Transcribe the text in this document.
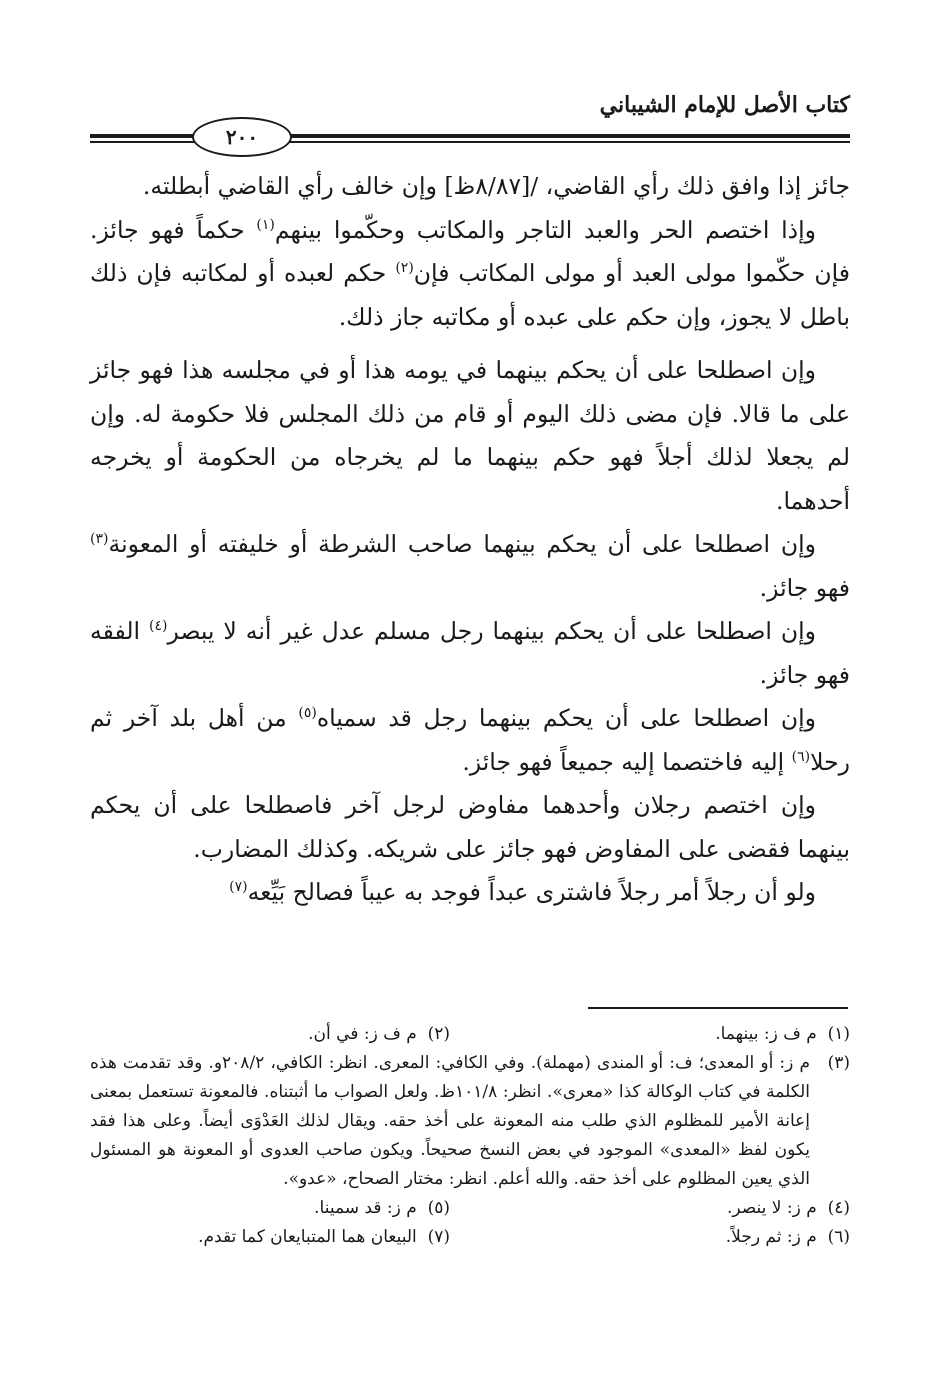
كتاب الأصل للإمام الشيباني
٢٠٠

جائز إذا وافق ذلك رأي القاضي، /[٨/٨٧ظ] وإن خالف رأي القاضي أبطلته.

وإذا اختصم الحر والعبد التاجر والمكاتب وحكّموا بينهم$^{(١)}$ حكماً فهو جائز. فإن حكّموا مولى العبد أو مولى المكاتب فإن$^{(٢)}$ حكم لعبده أو لمكاتبه فإن ذلك باطل لا يجوز، وإن حكم على عبده أو مكاتبه جاز ذلك.

وإن اصطلحا على أن يحكم بينهما في يومه هذا أو في مجلسه هذا فهو جائز على ما قالا. فإن مضى ذلك اليوم أو قام من ذلك المجلس فلا حكومة له. وإن لم يجعلا لذلك أجلاً فهو حكم بينهما ما لم يخرجاه من الحكومة أو يخرجه أحدهما.

وإن اصطلحا على أن يحكم بينهما صاحب الشرطة أو خليفته أو المعونة$^{(٣)}$ فهو جائز.

وإن اصطلحا على أن يحكم بينهما رجل مسلم عدل غير أنه لا يبصر$^{(٤)}$ الفقه فهو جائز.

وإن اصطلحا على أن يحكم بينهما رجل قد سمياه$^{(٥)}$ من أهل بلد آخر ثم رحلا$^{(٦)}$ إليه فاختصما إليه جميعاً فهو جائز.

وإن اختصم رجلان وأحدهما مفاوض لرجل آخر فاصطلحا على أن يحكم بينهما فقضى على المفاوض فهو جائز على شريكه. وكذلك المضارب.

ولو أن رجلاً أمر رجلاً فاشترى عبداً فوجد به عيباً فصالح بَيِّعه$^{(٧)}$

(١)  م ف ز: بينهما.
(٢)  م ف ز: في أن.
(٣)
م ز: أو المعدى؛ ف: أو المندى (مهملة). وفي الكافي: المعرى. انظر: الكافي، ٢٠٨/٢و. وقد تقدمت هذه الكلمة في كتاب الوكالة كذا «معرى». انظر: ١٠١/٨ظ. ولعل الصواب ما أثبتناه. فالمعونة تستعمل بمعنى إعانة الأمير للمظلوم الذي طلب منه المعونة على أخذ حقه. ويقال لذلك العَدْوَى أيضاً. وعلى هذا فقد يكون لفظ «المعدى» الموجود في بعض النسخ صحيحاً. ويكون صاحب العدوى أو المعونة هو المسئول الذي يعين المظلوم على أخذ حقه. والله أعلم. انظر: مختار الصحاح، «عدو».
(٤)  م ز: لا ينصر.
(٥)  م ز: قد سمينا.
(٦)  م ز: ثم رجلاً.
(٧)  البيعان هما المتبايعان كما تقدم.
